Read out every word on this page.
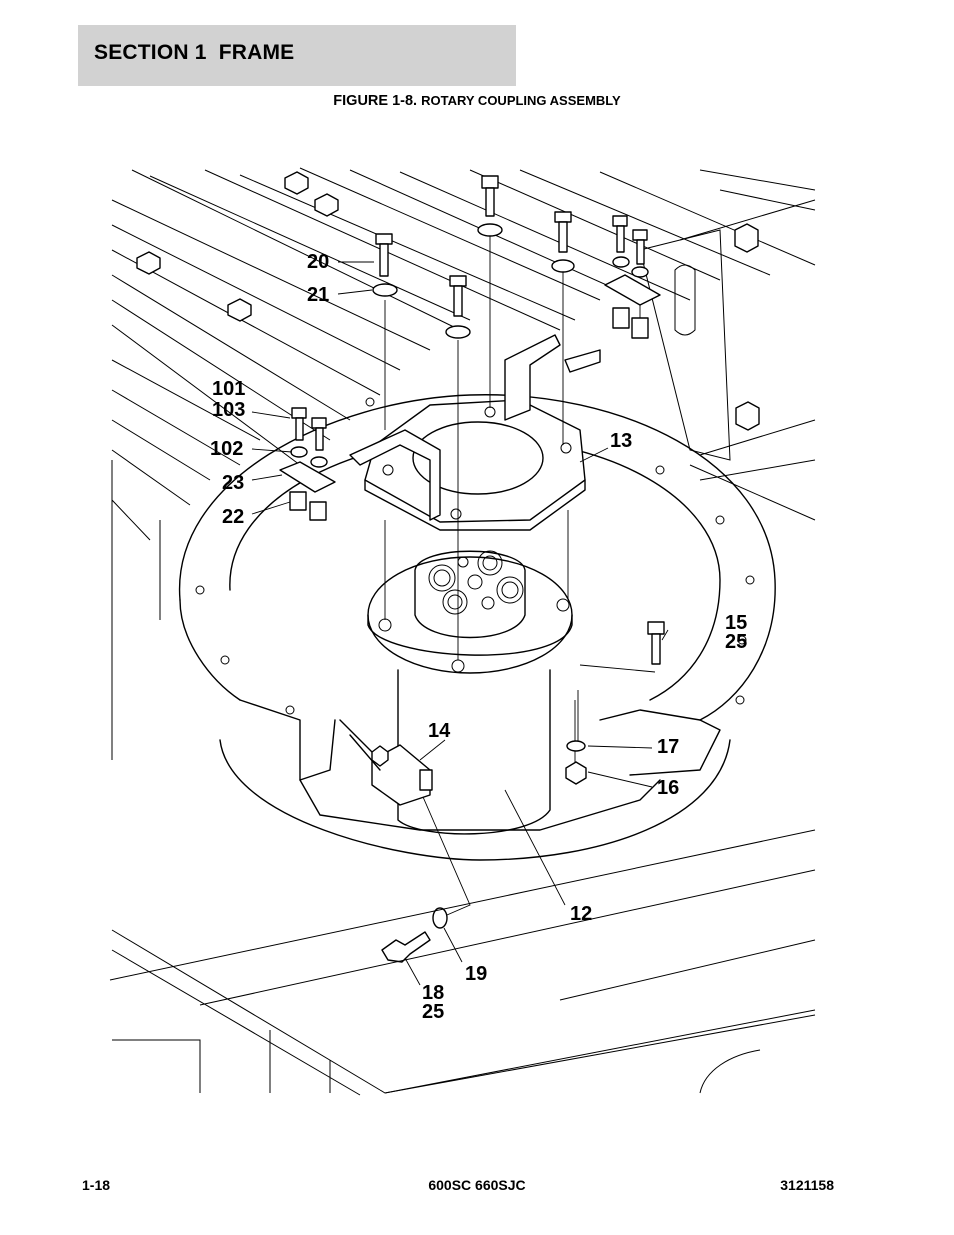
SECTION 1 FRAME
FIGURE 1-8. ROTARY COUPLING ASSEMBLY
20
21
101
103
102
23
22
13
15
25
14
17
16
12
19
18
25
1-18	600SC 660SJC	3121158
